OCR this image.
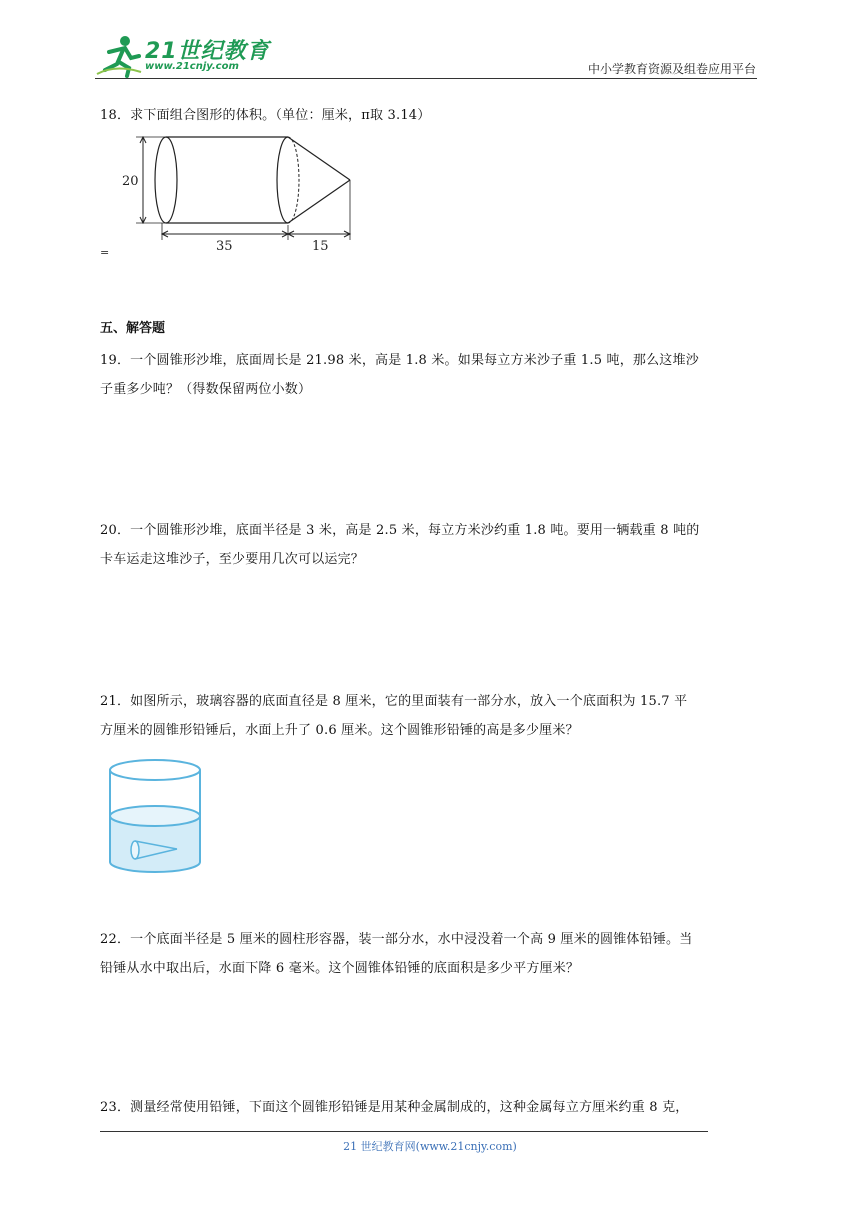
21世纪教育
www.21cnjy.com	中小学教育资源及组卷应用平台
18．求下面组合图形的体积。（单位：厘米，π取 3.14）
20
35	15
=
五、解答题
19．一个圆锥形沙堆，底面周长是 21.98 米，高是 1.8 米。如果每立方米沙子重 1.5 吨，那么这堆沙
子重多少吨？（得数保留两位小数）
20．一个圆锥形沙堆，底面半径是 3 米，高是 2.5 米，每立方米沙约重 1.8 吨。要用一辆载重 8 吨的
卡车运走这堆沙子，至少要用几次可以运完？
21．如图所示，玻璃容器的底面直径是 8 厘米，它的里面装有一部分水，放入一个底面积为 15.7 平
方厘米的圆锥形铅锤后，水面上升了 0.6 厘米。这个圆锥形铅锤的高是多少厘米？
22．一个底面半径是 5 厘米的圆柱形容器，装一部分水，水中浸没着一个高 9 厘米的圆锥体铅锤。当
铅锤从水中取出后，水面下降 6 毫米。这个圆锥体铅锤的底面积是多少平方厘米？
23．测量经常使用铅锤，下面这个圆锥形铅锤是用某种金属制成的，这种金属每立方厘米约重 8 克，
21 世纪教育网(www.21cnjy.com)
